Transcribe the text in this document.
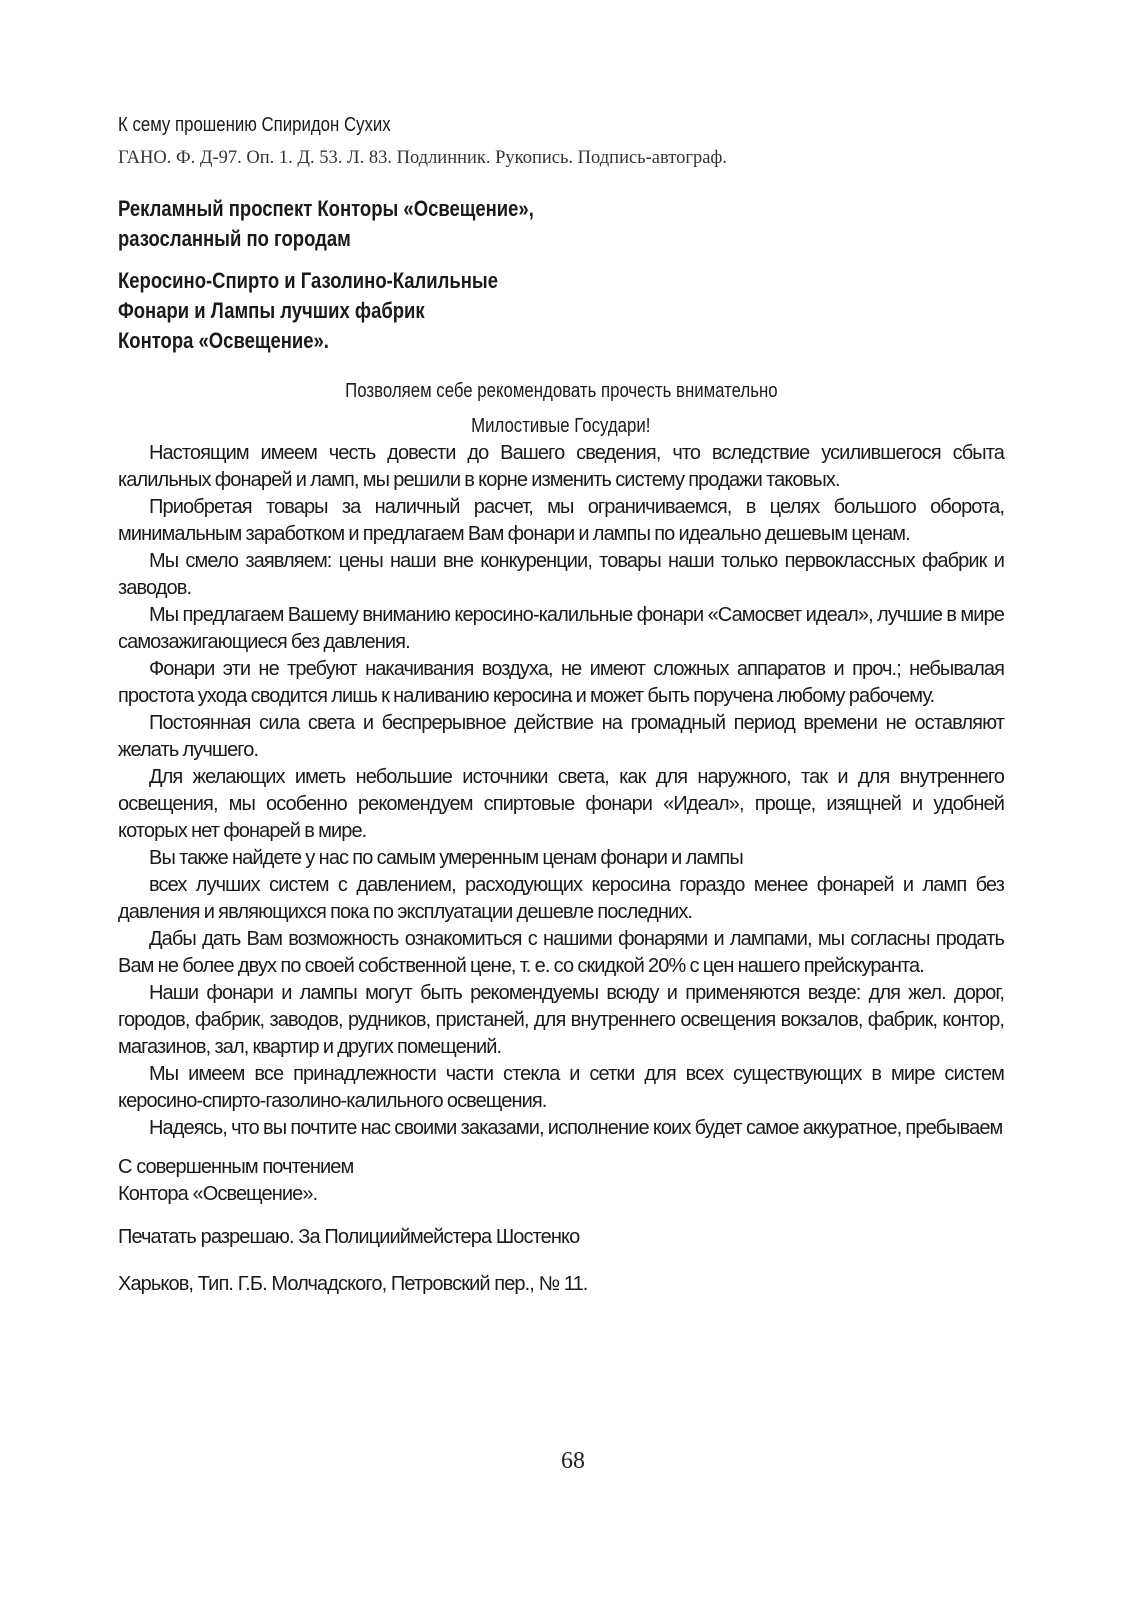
К сему прошению Спиридон Сухих

ГАНО. Ф. Д-97. Оп. 1. Д. 53. Л. 83. Подлинник. Рукопись. Подпись-автограф.

Рекламный проспект Конторы «Освещение»,

разосланный по городам

Керосино-Спирто и Газолино-Калильные

Фонари и Лампы лучших фабрик

Контора «Освещение».

Позволяем себе рекомендовать прочесть внимательно

Милостивые Государи!

Настоящим имеем честь довести до Вашего сведения, что вследствие усилившегося сбыта калильных фонарей и ламп, мы решили в корне изменить систему продажи таковых.

Приобретая товары за наличный расчет, мы ограничиваемся, в целях большого оборота, минимальным заработком и предлагаем Вам фонари и лампы по идеально дешевым ценам.

Мы смело заявляем: цены наши вне конкуренции, товары наши только первоклассных фабрик и заводов.

Мы предлагаем Вашему вниманию керосино-калильные фонари «Самосвет идеал», лучшие в мире самозажигающиеся без давления.

Фонари эти не требуют накачивания воздуха, не имеют сложных аппаратов и проч.; небывалая простота ухода сводится лишь к наливанию керосина и может быть поручена любому рабочему.

Постоянная сила света и беспрерывное действие на громадный период времени не оставляют желать лучшего.

Для желающих иметь небольшие источники света, как для наружного, так и для внутреннего освещения, мы особенно рекомендуем спиртовые фонари «Идеал», проще, изящней и удобней которых нет фонарей в мире.

Вы также найдете у нас по самым умеренным ценам фонари и лампы

всех лучших систем с давлением, расходующих керосина гораздо менее фонарей и ламп без давления и являющихся пока по эксплуатации дешевле последних.

Дабы дать Вам возможность ознакомиться с нашими фонарями и лампами, мы согласны продать Вам не более двух по своей собственной цене, т. е. со скидкой 20% с цен нашего прейскуранта.

Наши фонари и лампы могут быть рекомендуемы всюду и применяются везде: для жел. дорог, городов, фабрик, заводов, рудников, пристаней, для внутреннего освещения вокзалов, фабрик, контор, магазинов, зал, квартир и других помещений.

Мы имеем все принадлежности части стекла и сетки для всех существующих в мире систем керосино-спирто-газолино-калильного освещения.

Надеясь, что вы почтите нас своими заказами, исполнение коих будет самое аккуратное, пребываем

С совершенным почтением

Контора «Освещение».

Печатать разрешаю. За Полицииймейстера Шостенко

Харьков, Тип. Г.Б. Молчадского, Петровский пер., № 11.

68
